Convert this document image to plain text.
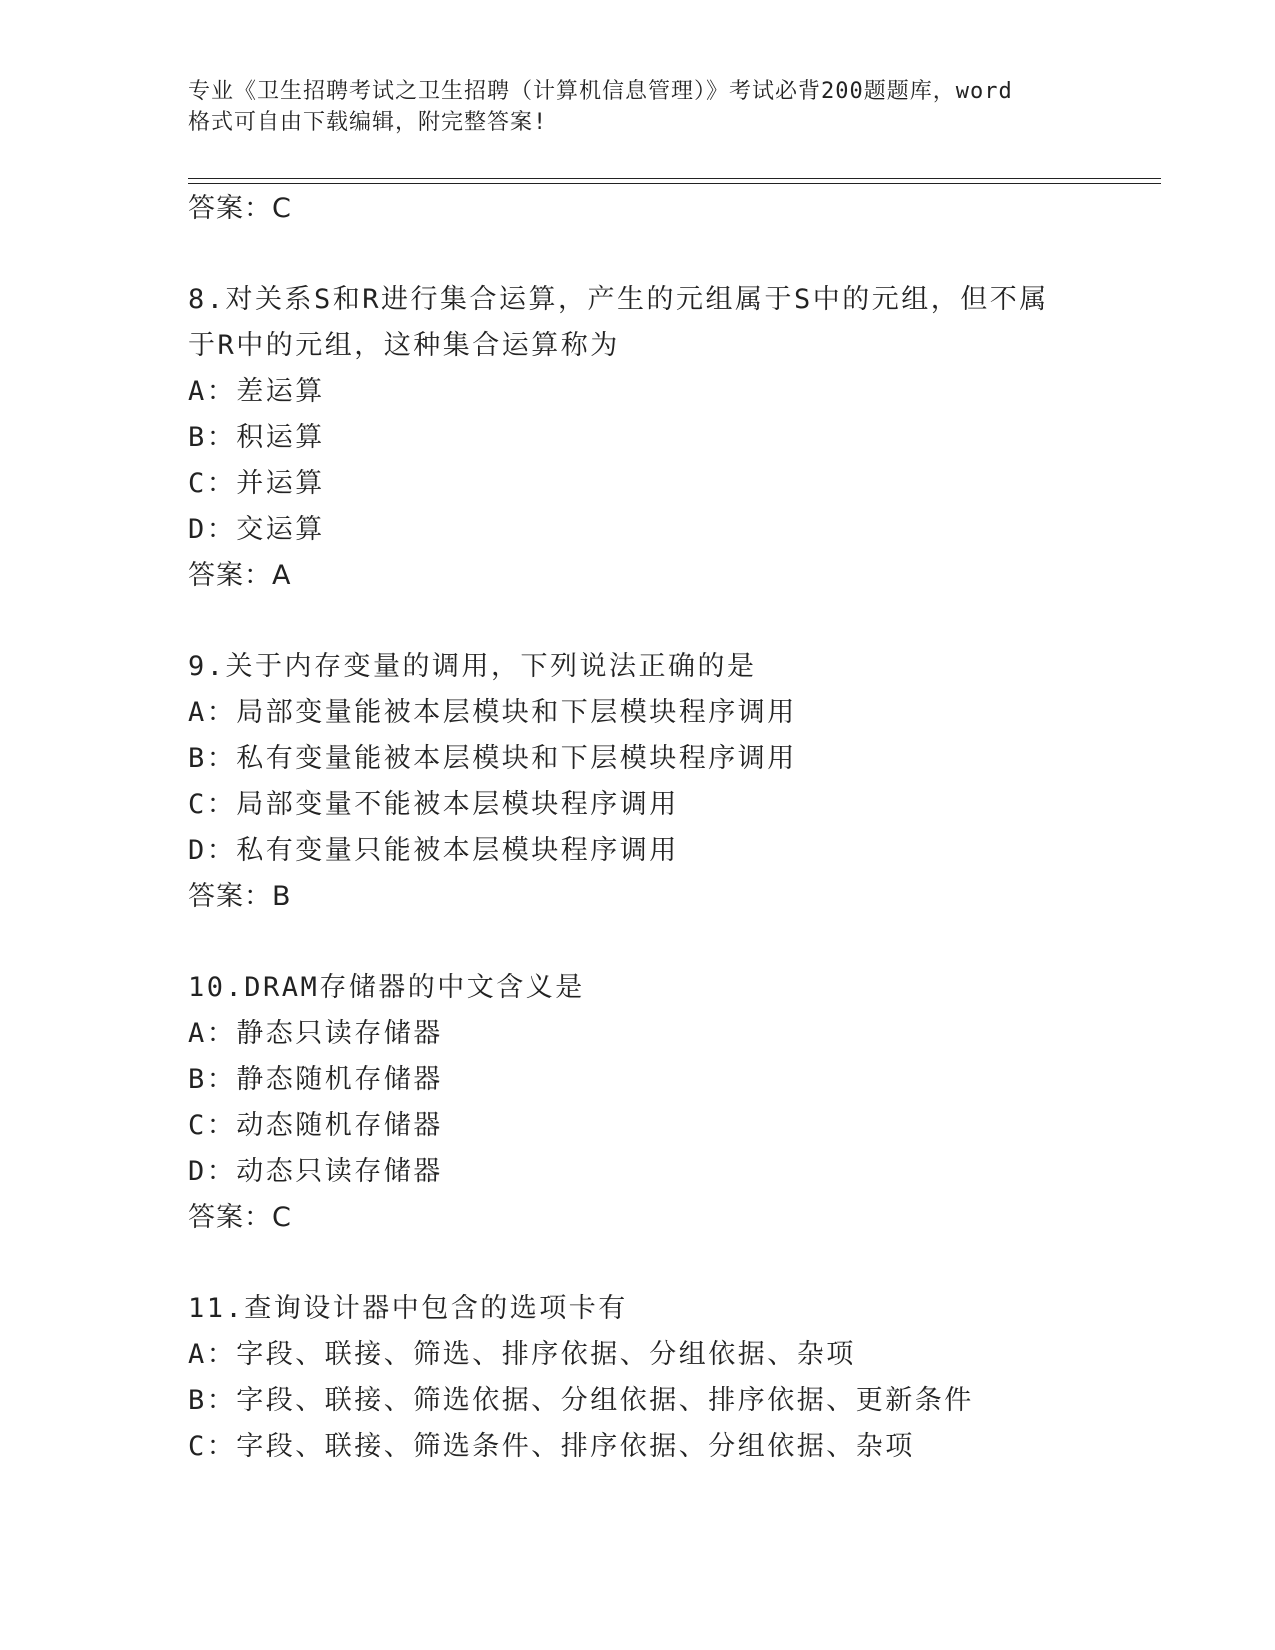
专业《卫生招聘考试之卫生招聘（计算机信息管理）》考试必背200题题库，word
格式可自由下载编辑，附完整答案!
答案：C
8.对关系S和R进行集合运算，产生的元组属于S中的元组，但不属
于R中的元组，这种集合运算称为
A：差运算
B：积运算
C：并运算
D：交运算
答案：A
9.关于内存变量的调用，下列说法正确的是
A：局部变量能被本层模块和下层模块程序调用
B：私有变量能被本层模块和下层模块程序调用
C：局部变量不能被本层模块程序调用
D：私有变量只能被本层模块程序调用
答案：B
10.DRAM存储器的中文含义是
A：静态只读存储器
B：静态随机存储器
C：动态随机存储器
D：动态只读存储器
答案：C
11.查询设计器中包含的选项卡有
A：字段、联接、筛选、排序依据、分组依据、杂项
B：字段、联接、筛选依据、分组依据、排序依据、更新条件
C：字段、联接、筛选条件、排序依据、分组依据、杂项
